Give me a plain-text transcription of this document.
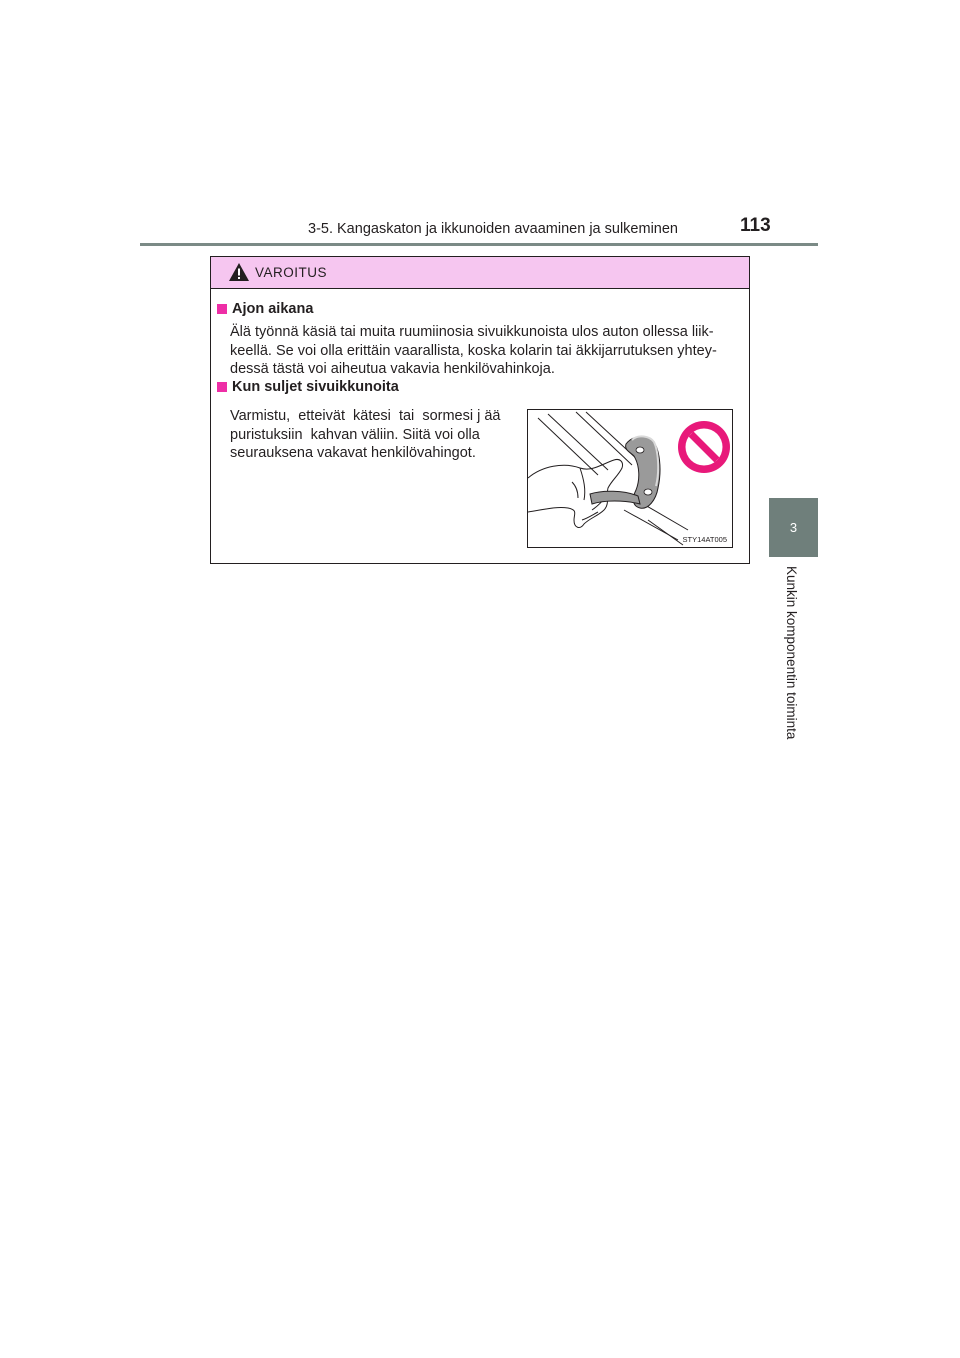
3-5. Kangaskaton ja ikkunoiden avaaminen ja sulkeminen	113
3
Kunkin komponentin toiminta
VAROITUS
Ajon aikana
Älä työnnä käsiä tai muita ruumiinosia sivuikkunoista ulos auton ollessa liik-
keellä. Se voi olla erittäin vaarallista, koska kolarin tai äkkijarrutuksen yhtey-
dessä tästä voi aiheutua vakavia henkilövahinkoja.
Kun suljet sivuikkunoita
Varmistu,  etteivät  kätesi  tai  sormesi j ää
puristuksiin  kahvan väliin. Siitä voi olla
seurauksena vakavat henkilövahingot.
STY14AT005
